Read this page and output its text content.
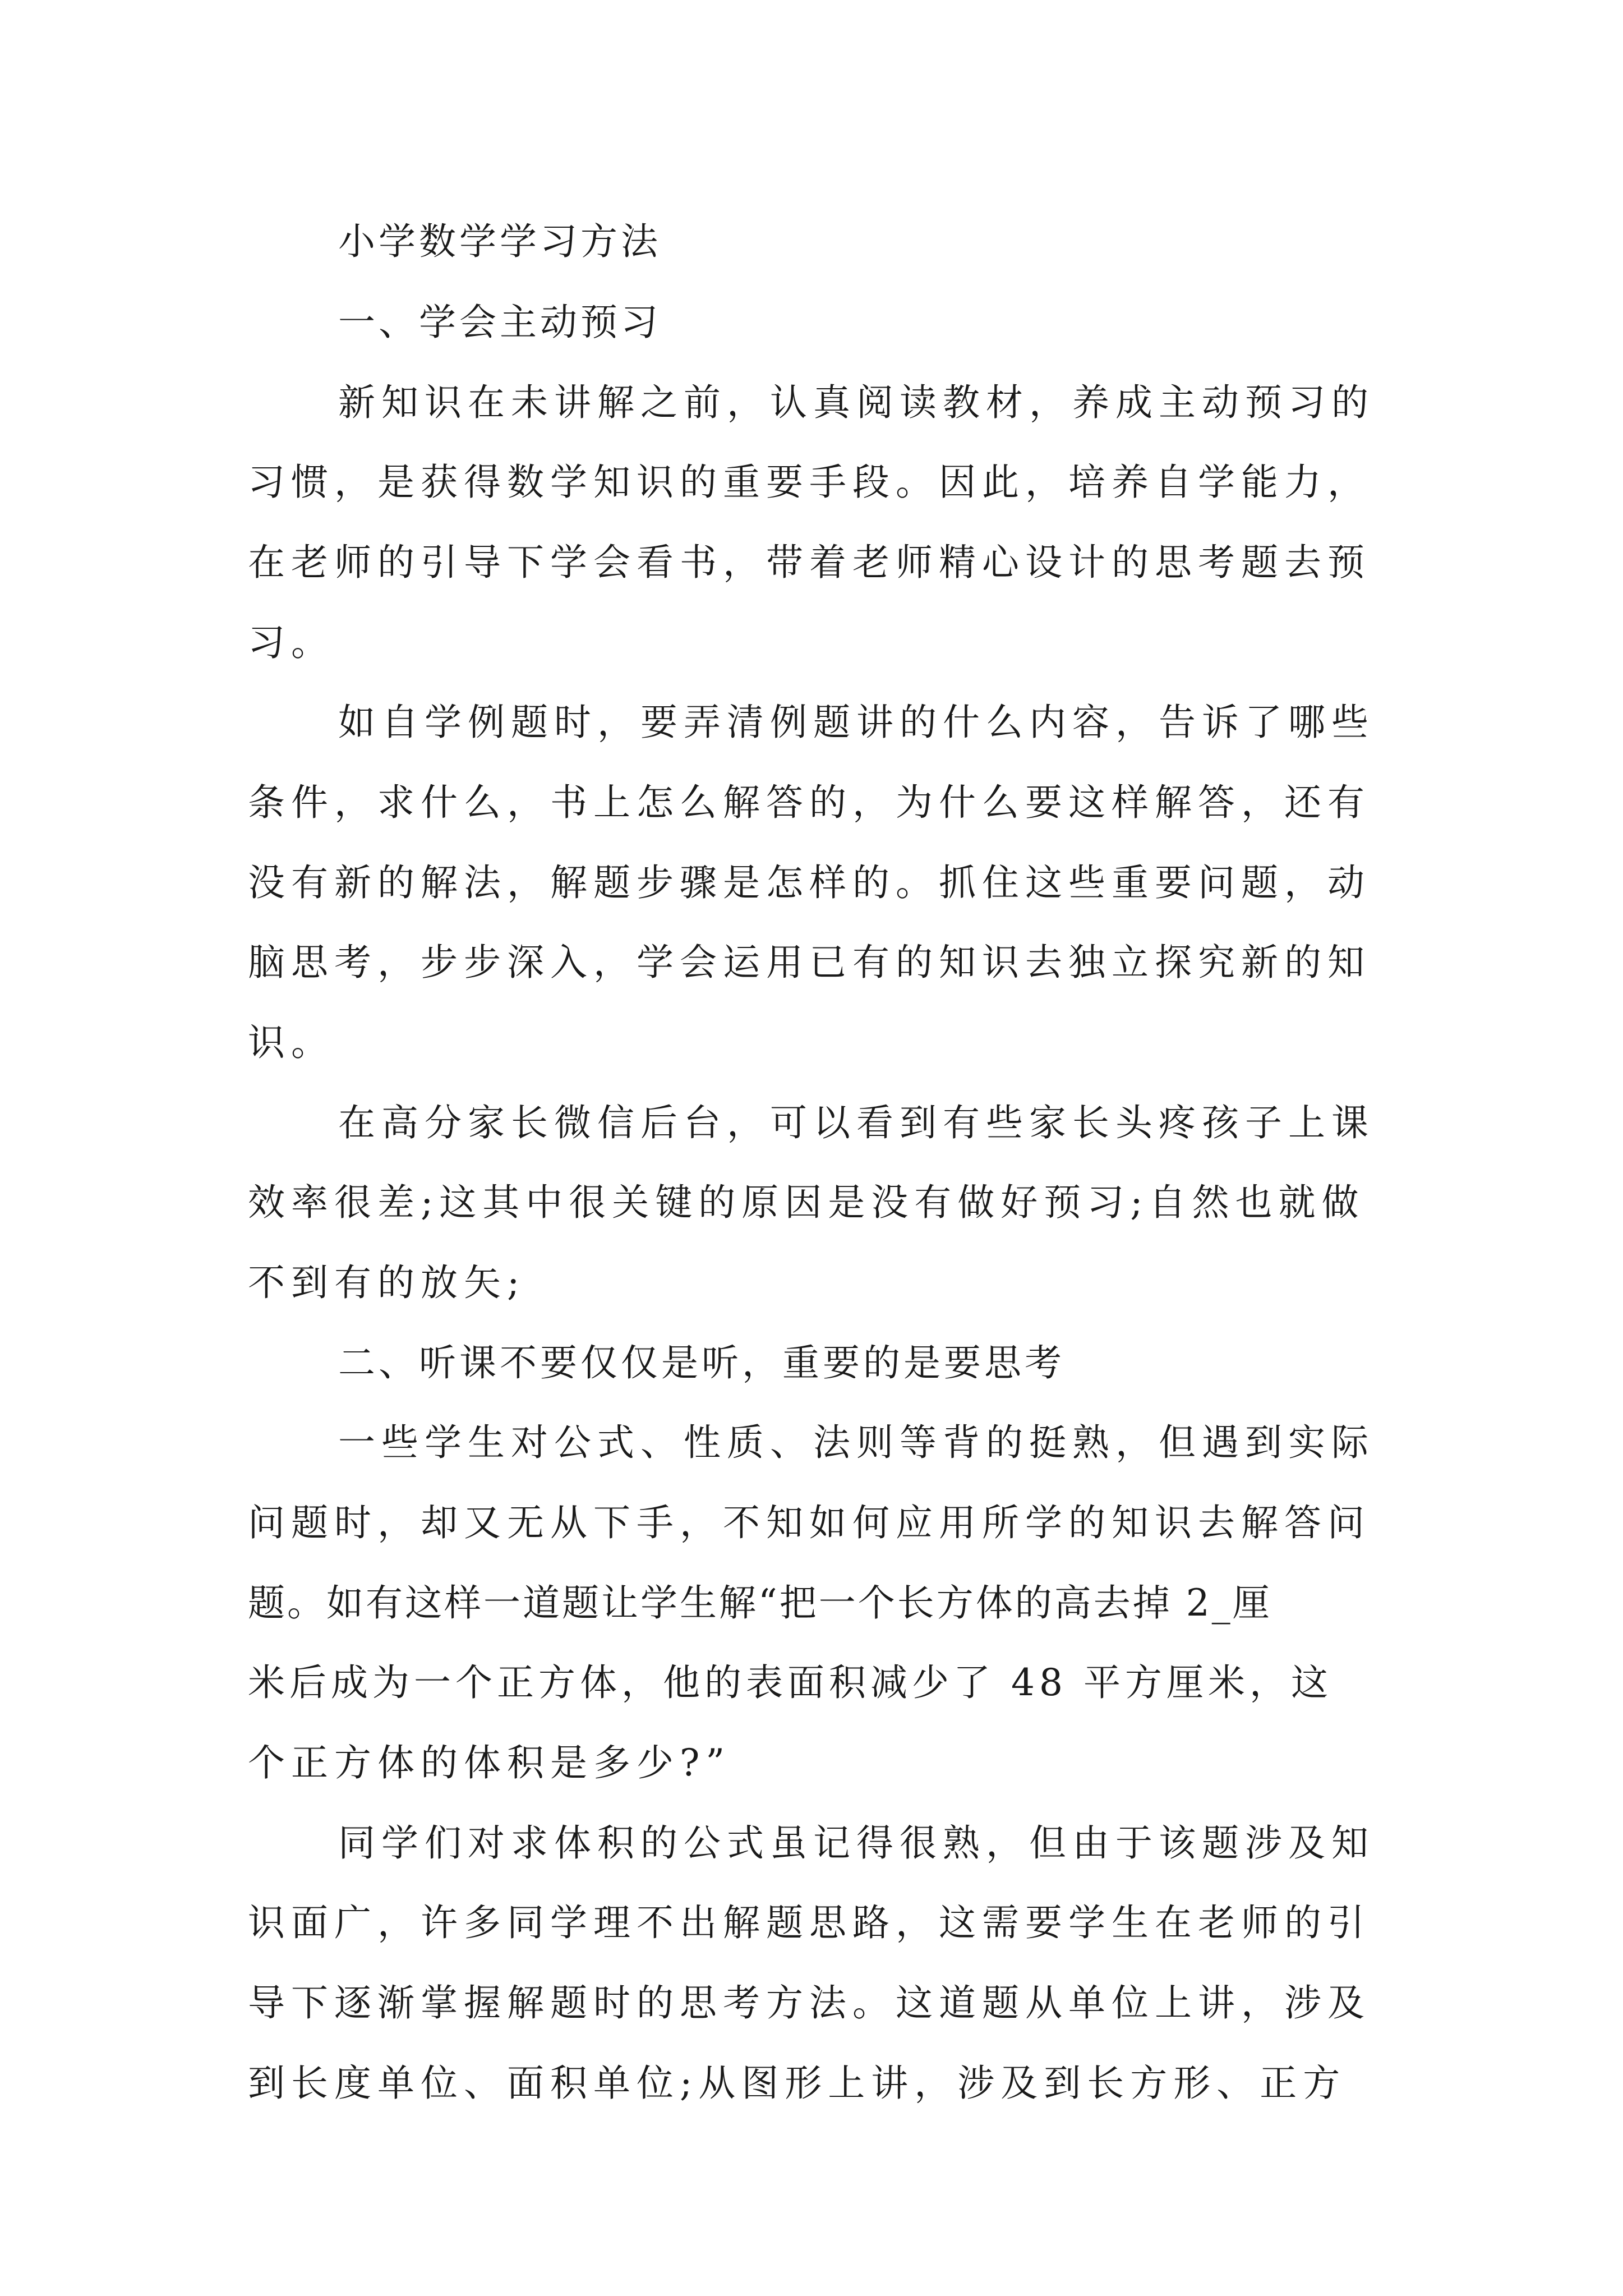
小学数学学习方法
一、学会主动预习
新知识在未讲解之前，认真阅读教材，养成主动预习的
习惯，是获得数学知识的重要手段。因此，培养自学能力，
在老师的引导下学会看书，带着老师精心设计的思考题去预
习。
如自学例题时，要弄清例题讲的什么内容，告诉了哪些
条件，求什么，书上怎么解答的，为什么要这样解答，还有
没有新的解法，解题步骤是怎样的。抓住这些重要问题，动
脑思考，步步深入，学会运用已有的知识去独立探究新的知
识。
在高分家长微信后台，可以看到有些家长头疼孩子上课
效率很差;这其中很关键的原因是没有做好预习;自然也就做
不到有的放矢;
二、听课不要仅仅是听，重要的是要思考
一些学生对公式、性质、法则等背的挺熟，但遇到实际
问题时，却又无从下手，不知如何应用所学的知识去解答问
题。如有这样一道题让学生解“把一个长方体的高去掉 2_厘
米后成为一个正方体，他的表面积减少了 48 平方厘米，这
个正方体的体积是多少?”
同学们对求体积的公式虽记得很熟，但由于该题涉及知
识面广，许多同学理不出解题思路，这需要学生在老师的引
导下逐渐掌握解题时的思考方法。这道题从单位上讲，涉及
到长度单位、面积单位;从图形上讲，涉及到长方形、正方
